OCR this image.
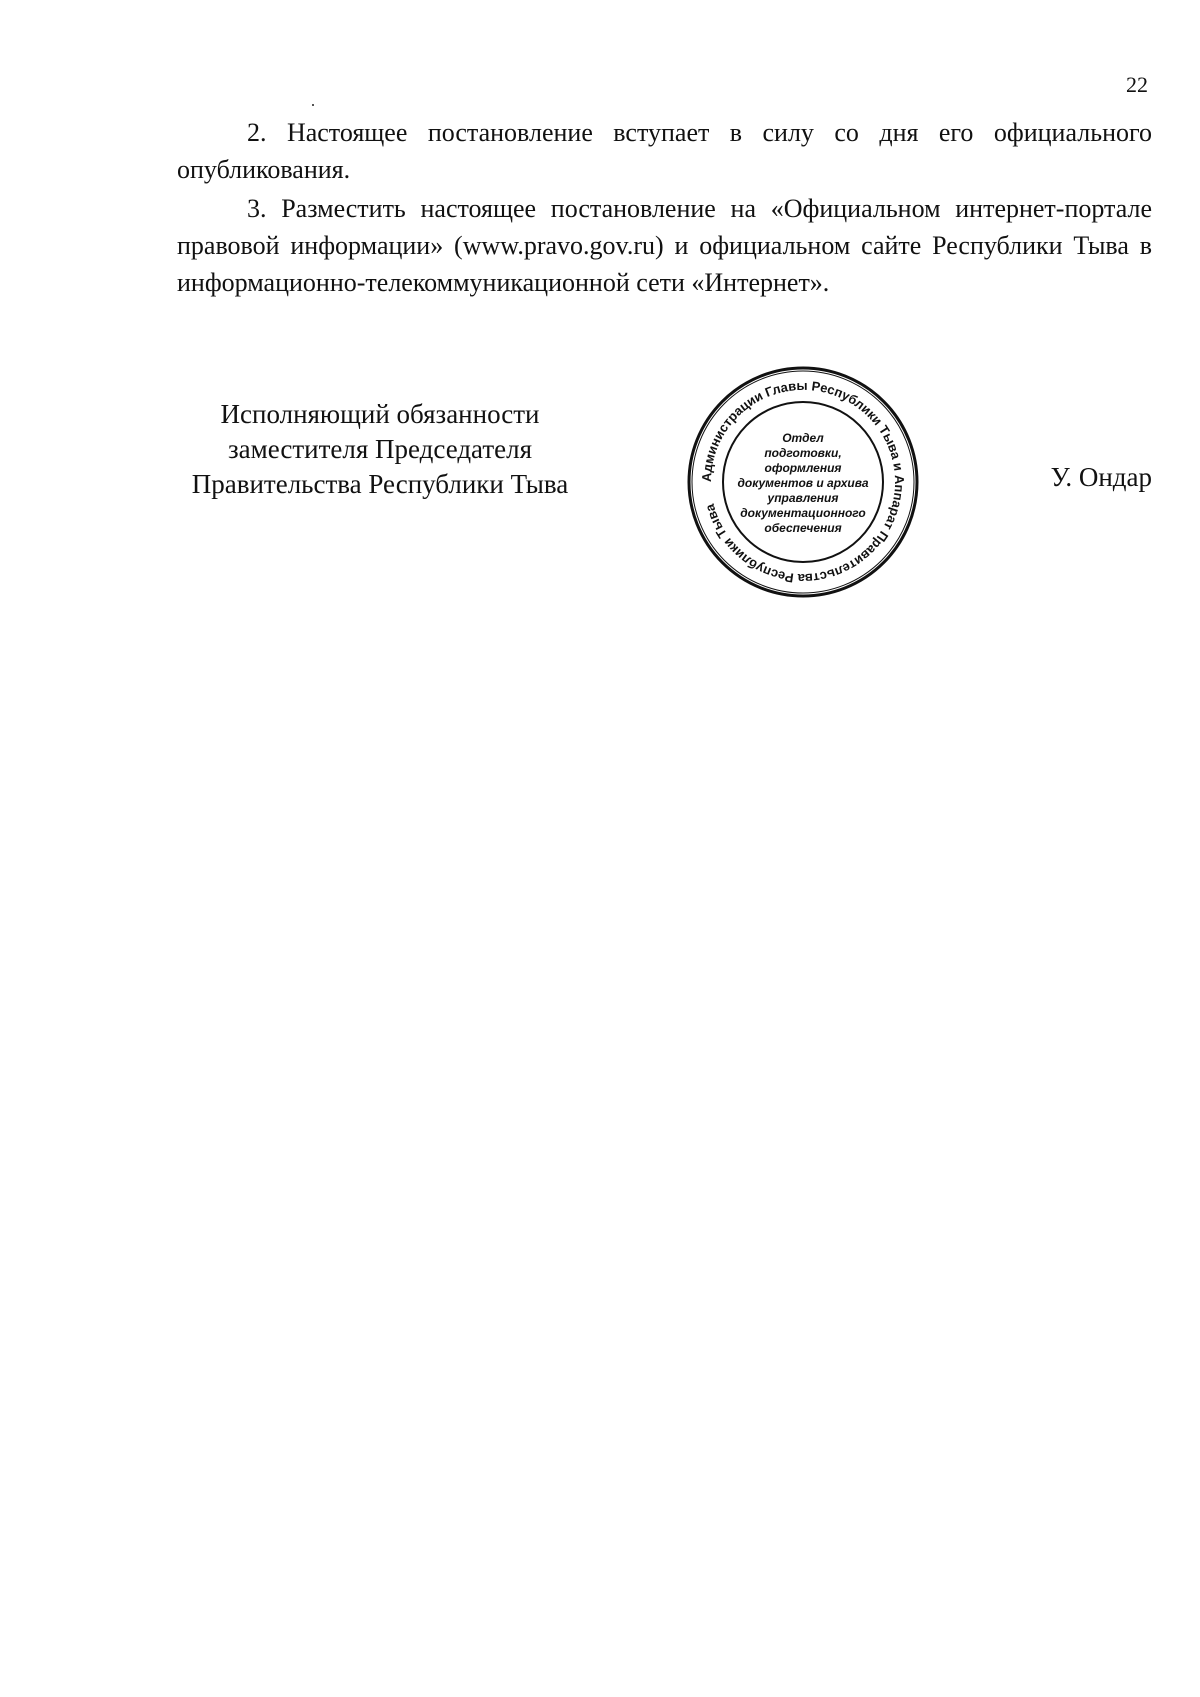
22

2. Настоящее постановление вступает в силу со дня его официального опубликования.

3. Разместить настоящее постановление на «Официальном интернет-портале правовой информации» (www.pravo.gov.ru) и официальном сайте Республики Тыва в информационно-телекоммуникационной сети «Интернет».

Исполняющий обязанности
заместителя Председателя
Правительства Республики Тыва	У. Ондар
Администрации Главы Республики Тыва и Аппарат Правительства Республики Тыва
Отдел
подготовки,
оформления
документов и архива
управления
документационного
обеспечения
